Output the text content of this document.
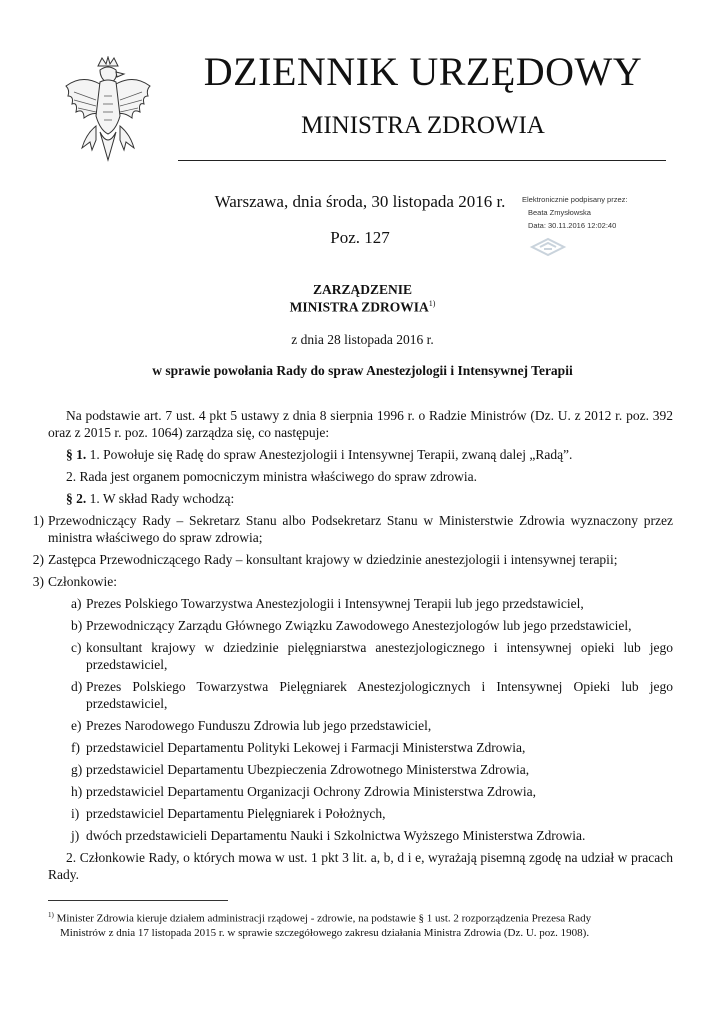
DZIENNIK URZĘDOWY
MINISTRA ZDROWIA
Warszawa, dnia środa, 30 listopada 2016 r.
Poz. 127
Elektronicznie podpisany przez:
Beata Zmysłowska
Data: 30.11.2016 12:02:40
ZARZĄDZENIE
MINISTRA ZDROWIA$^{1)}$
z dnia 28 listopada 2016 r.
w sprawie powołania Rady do spraw Anestezjologii i Intensywnej Terapii

Na podstawie art. 7 ust. 4 pkt 5 ustawy z dnia 8 sierpnia 1996 r. o Radzie Ministrów (Dz. U. z 2012 r. poz. 392 oraz z 2015 r. poz. 1064) zarządza się, co następuje:

§ 1. 1. Powołuje się Radę do spraw Anestezjologii i Intensywnej Terapii, zwaną dalej „Radą”.

2. Rada jest organem pomocniczym ministra właściwego do spraw zdrowia.

§ 2. 1. W skład Rady wchodzą:

1) Przewodniczący Rady – Sekretarz Stanu albo Podsekretarz Stanu w Ministerstwie Zdrowia wyznaczony przez ministra właściwego do spraw zdrowia;
2) Zastępca Przewodniczącego Rady – konsultant krajowy w dziedzinie anestezjologii i intensywnej terapii;
3) Członkowie:
a) Prezes Polskiego Towarzystwa Anestezjologii i Intensywnej Terapii lub jego przedstawiciel,
b) Przewodniczący Zarządu Głównego Związku Zawodowego Anestezjologów lub jego przedstawiciel,
c) konsultant krajowy w dziedzinie pielęgniarstwa anestezjologicznego i intensywnej opieki lub jego przedstawiciel,
d) Prezes Polskiego Towarzystwa Pielęgniarek Anestezjologicznych i Intensywnej Opieki lub jego przedstawiciel,
e) Prezes Narodowego Funduszu Zdrowia lub jego przedstawiciel,
f) przedstawiciel Departamentu Polityki Lekowej i Farmacji Ministerstwa Zdrowia,
g) przedstawiciel Departamentu Ubezpieczenia Zdrowotnego Ministerstwa Zdrowia,
h) przedstawiciel Departamentu Organizacji Ochrony Zdrowia Ministerstwa Zdrowia,
i) przedstawiciel Departamentu Pielęgniarek i Położnych,
j) dwóch przedstawicieli Departamentu Nauki i Szkolnictwa Wyższego Ministerstwa Zdrowia.

2. Członkowie Rady, o których mowa w ust. 1 pkt 3 lit. a, b, d i e, wyrażają pisemną zgodę na udział w pracach Rady.

$^{1)}$ Minister Zdrowia kieruje działem administracji rządowej - zdrowie, na podstawie § 1 ust. 2 rozporządzenia Prezesa Rady
Ministrów z dnia 17 listopada 2015 r. w sprawie szczegółowego zakresu działania Ministra Zdrowia (Dz. U. poz. 1908).
